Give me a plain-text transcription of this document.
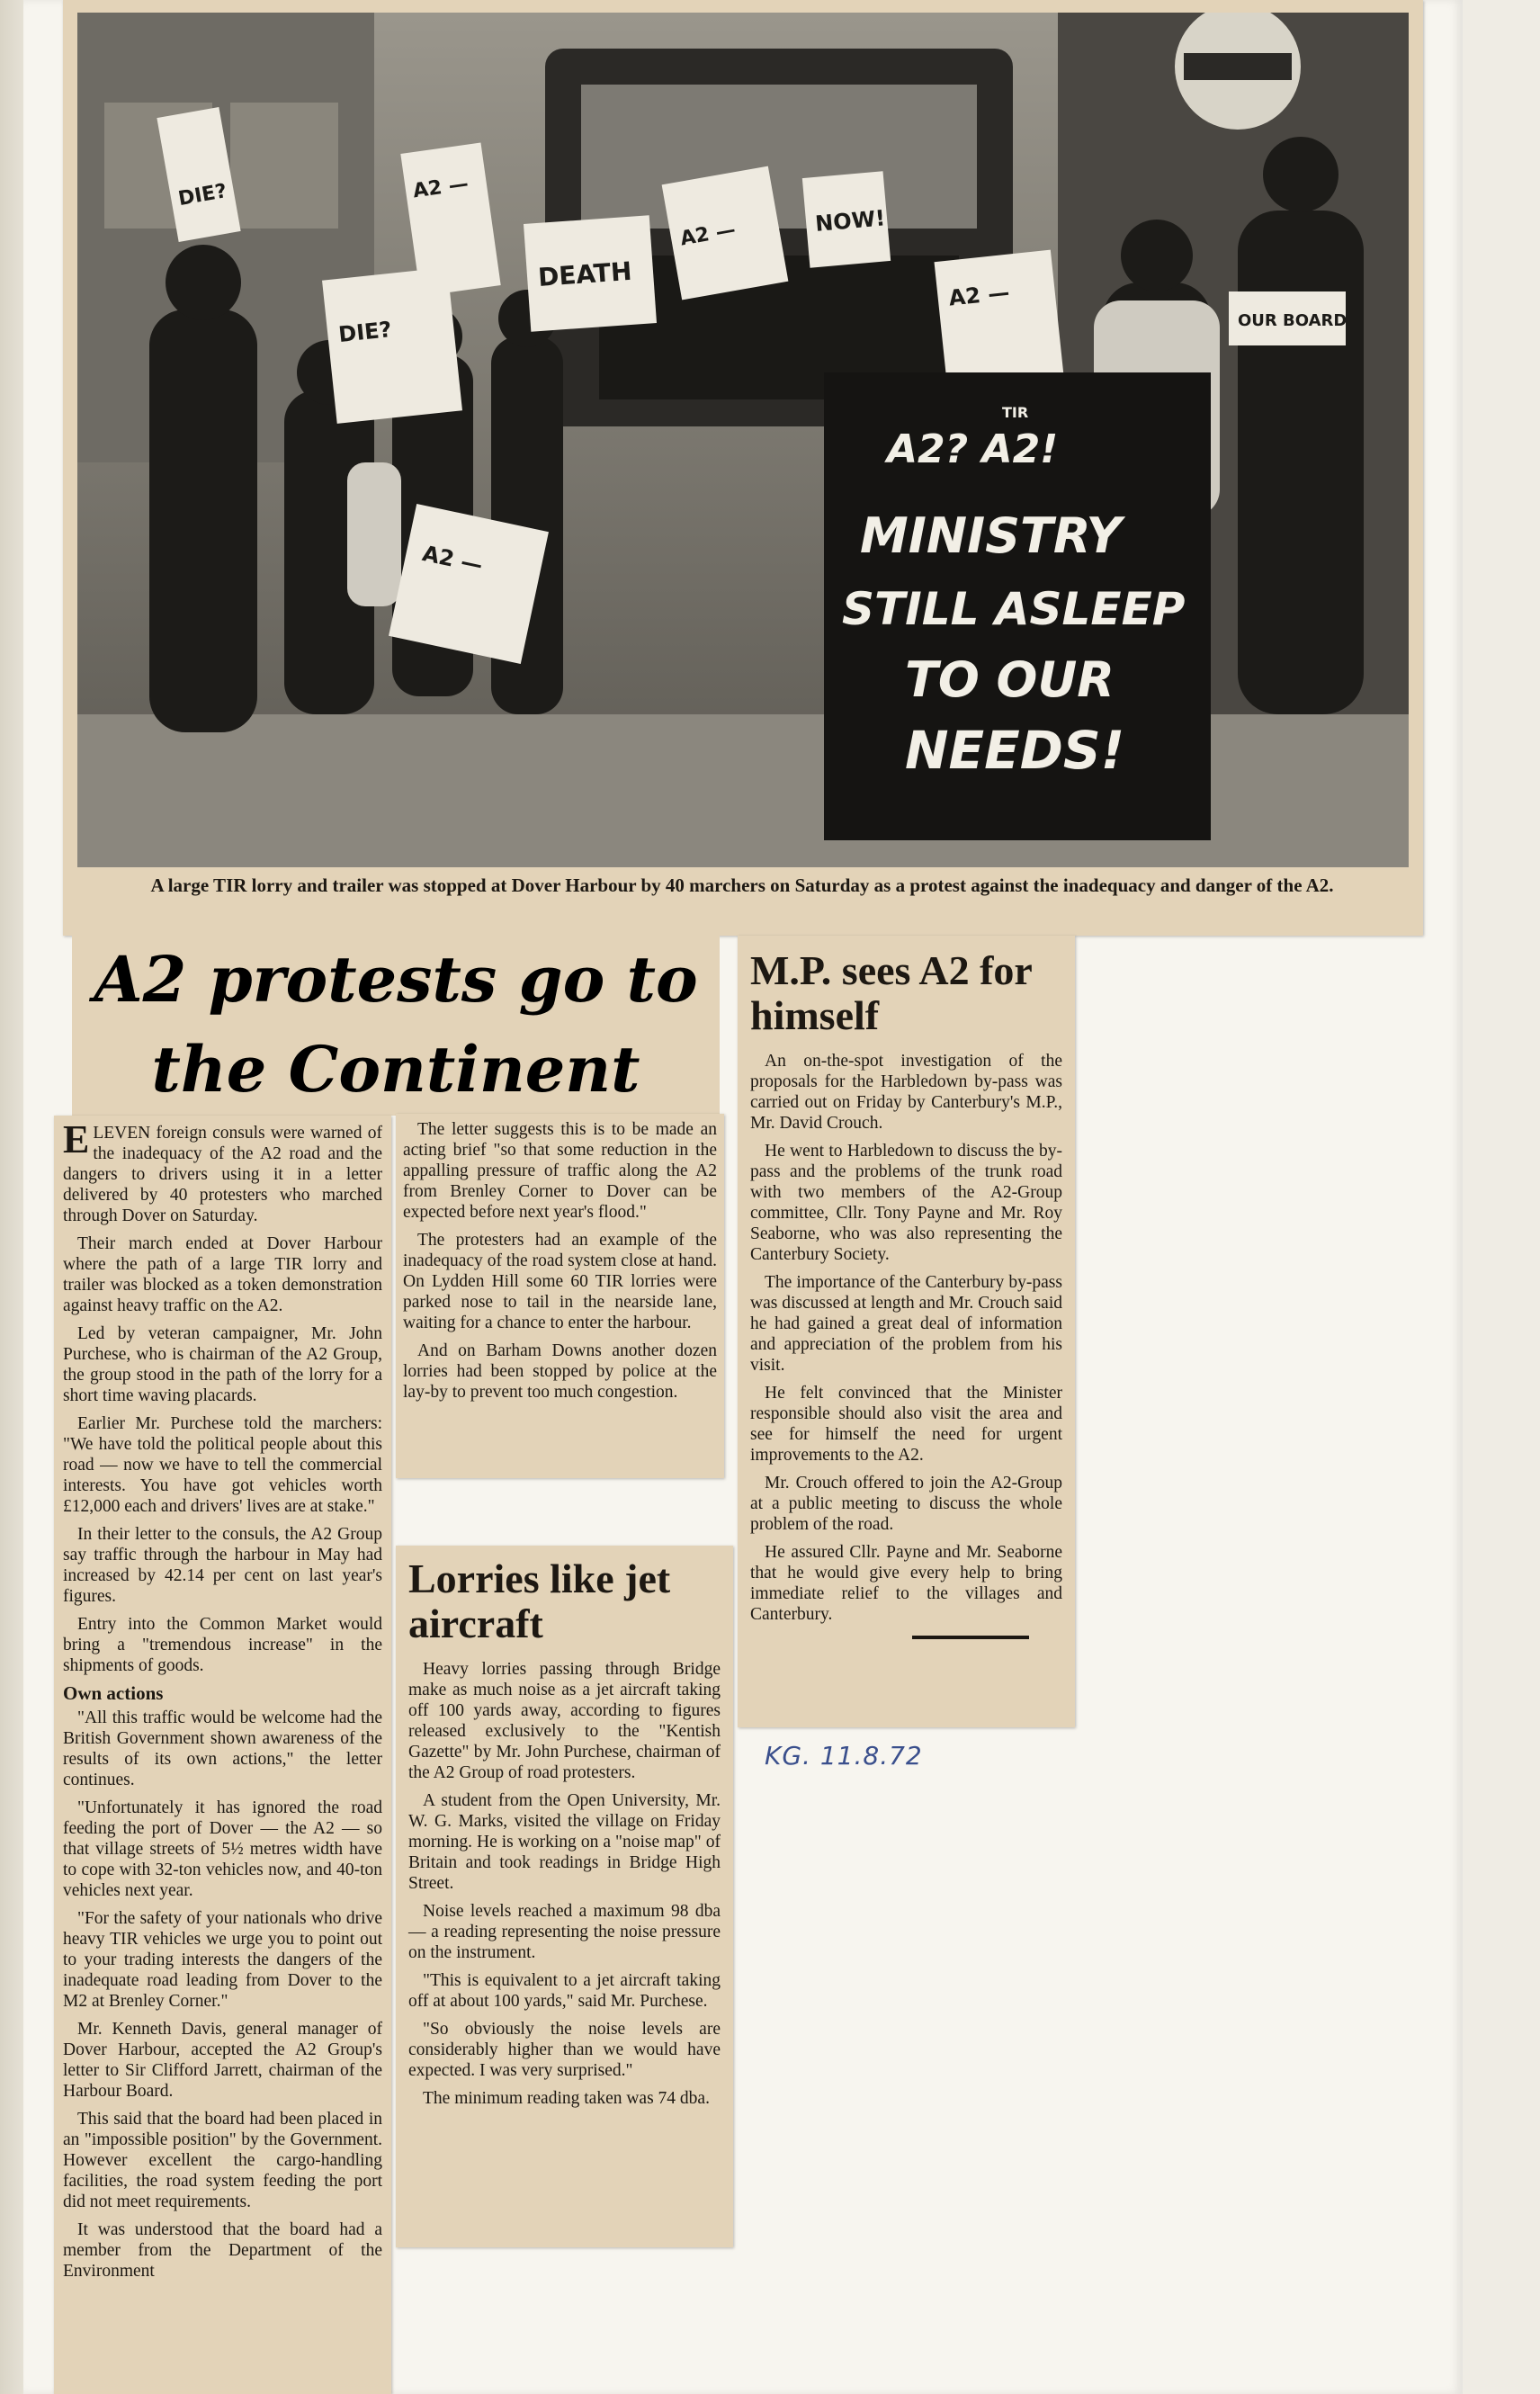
A2 —
DIE?
DIE?
DEATH
A2 —	NOW!
A2 —
A2 —
OUR BOARD
A2? A2!
MINISTRY
STILL ASLEEP
TO OUR
NEEDS!
TIR
A large TIR lorry and trailer was stopped at Dover Harbour by 40 marchers on Saturday as a protest against the inadequacy and danger of the A2.
A2 protests go to the Continent

ELEVEN foreign consuls were warned of the inadequacy of the A2 road and the dangers to drivers using it in a letter delivered by 40 protesters who marched through Dover on Saturday.

Their march ended at Dover Harbour where the path of a large TIR lorry and trailer was blocked as a token demonstration against heavy traffic on the A2.

Led by veteran campaigner, Mr. John Purchese, who is chairman of the A2 Group, the group stood in the path of the lorry for a short time waving placards.

Earlier Mr. Purchese told the marchers: "We have told the political people about this road — now we have to tell the commercial interests. You have got vehicles worth £12,000 each and drivers' lives are at stake."

In their letter to the consuls, the A2 Group say traffic through the harbour in May had increased by 42.14 per cent on last year's figures.

Entry into the Common Market would bring a "tremendous increase" in the shipments of goods.

Own actions

"All this traffic would be welcome had the British Government shown awareness of the results of its own actions," the letter continues.

"Unfortunately it has ignored the road feeding the port of Dover — the A2 — so that village streets of 5½ metres width have to cope with 32-ton vehicles now, and 40-ton vehicles next year.

"For the safety of your nationals who drive heavy TIR vehicles we urge you to point out to your trading interests the dangers of the inadequate road leading from Dover to the M2 at Brenley Corner."

Mr. Kenneth Davis, general manager of Dover Harbour, accepted the A2 Group's letter to Sir Clifford Jarrett, chairman of the Harbour Board.

This said that the board had been placed in an "impossible position" by the Government. However excellent the cargo-handling facilities, the road system feeding the port did not meet requirements.

It was understood that the board had a member from the Department of the Environment

The letter suggests this is to be made an acting brief "so that some reduction in the appalling pressure of traffic along the A2 from Brenley Corner to Dover can be expected before next year's flood."

The protesters had an example of the inadequacy of the road system close at hand. On Lydden Hill some 60 TIR lorries were parked nose to tail in the nearside lane, waiting for a chance to enter the harbour.

And on Barham Downs another dozen lorries had been stopped by police at the lay-by to prevent too much congestion.

Lorries like jet aircraft

Heavy lorries passing through Bridge make as much noise as a jet aircraft taking off 100 yards away, according to figures released exclusively to the "Kentish Gazette" by Mr. John Purchese, chairman of the A2 Group of road protesters.

A student from the Open University, Mr. W. G. Marks, visited the village on Friday morning. He is working on a "noise map" of Britain and took readings in Bridge High Street.

Noise levels reached a maximum 98 dba — a reading representing the noise pressure on the instrument.

"This is equivalent to a jet aircraft taking off at about 100 yards," said Mr. Purchese.

"So obviously the noise levels are considerably higher than we would have expected. I was very surprised."

The minimum reading taken was 74 dba.

M.P. sees A2 for himself

An on-the-spot investigation of the proposals for the Harbledown by-pass was carried out on Friday by Canterbury's M.P., Mr. David Crouch.

He went to Harbledown to discuss the by-pass and the problems of the trunk road with two members of the A2-Group committee, Cllr. Tony Payne and Mr. Roy Seaborne, who was also representing the Canterbury Society.

The importance of the Canterbury by-pass was discussed at length and Mr. Crouch said he had gained a great deal of information and appreciation of the problem from his visit.

He felt convinced that the Minister responsible should also visit the area and see for himself the need for urgent improvements to the A2.

Mr. Crouch offered to join the A2-Group at a public meeting to discuss the whole problem of the road.

He assured Cllr. Payne and Mr. Seaborne that he would give every help to bring immediate relief to the villages and Canterbury.

KG. 11.8.72
